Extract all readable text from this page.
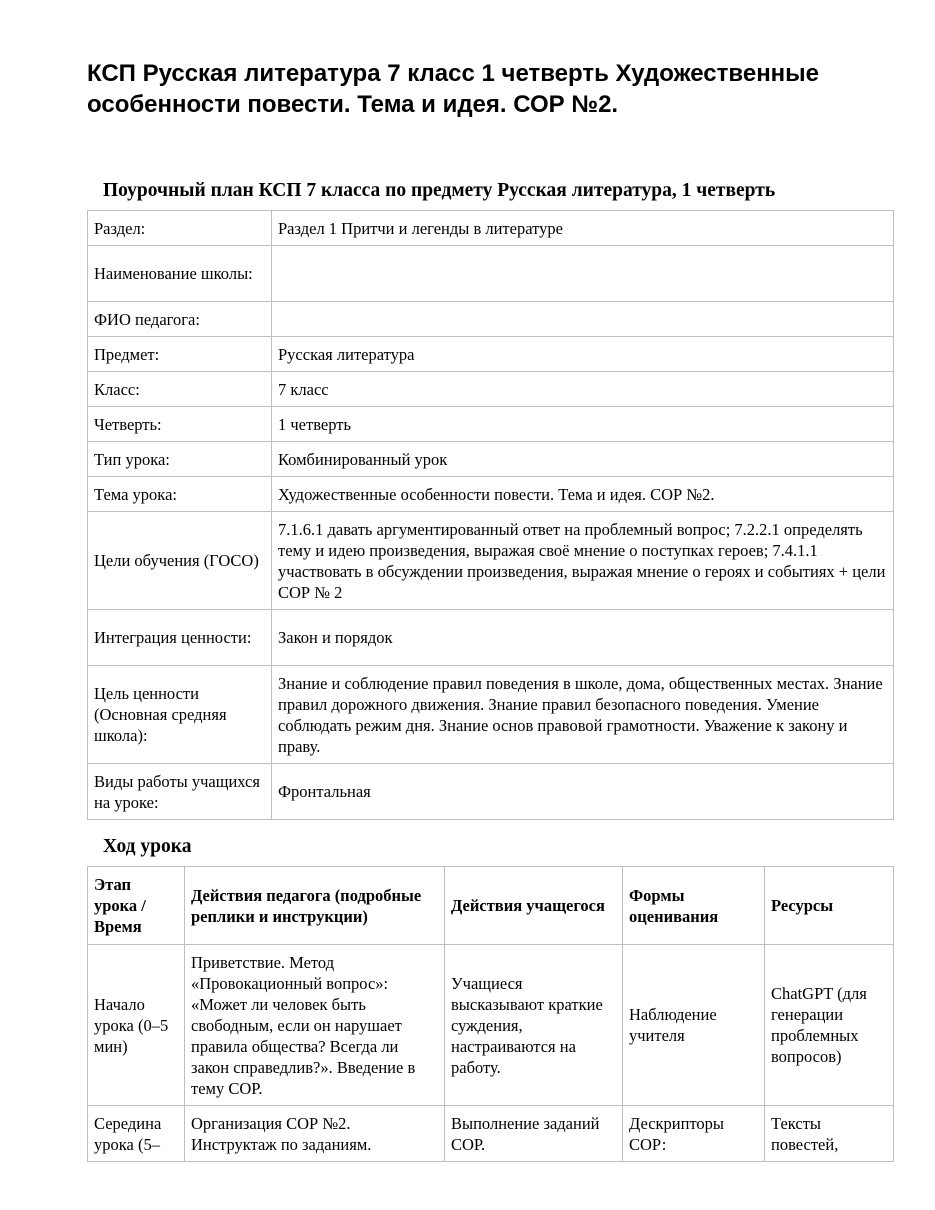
КСП Русская литература 7 класс 1 четверть Художественные особенности повести. Тема и идея. СОР №2.
Поурочный план КСП 7 класса по предмету Русская литература, 1 четверть
Раздел:	Раздел 1 Притчи и легенды в литературе
Наименование школы:	
ФИО педагога:	
Предмет:	Русская литература
Класс:	7 класс
Четверть:	1 четверть
Тип урока:	Комбинированный урок
Тема урока:	Художественные особенности повести. Тема и идея. СОР №2.
Цели обучения (ГОСО)	7.1.6.1 давать аргументированный ответ на проблемный вопрос; 7.2.2.1 определять тему и идею произведения, выражая своё мнение о поступках героев; 7.4.1.1 участвовать в обсуждении произведения, выражая мнение о героях и событиях + цели СОР № 2
Интеграция ценности:	Закон и порядок
Цель ценности (Основная средняя школа):	Знание и соблюдение правил поведения в школе, дома, общественных местах. Знание правил дорожного движения. Знание правил безопасного поведения. Умение соблюдать режим дня. Знание основ правовой грамотности. Уважение к закону и праву.
Виды работы учащихся на уроке:	Фронтальная
Ход урока
Этап урока / Время	Действия педагога (подробные реплики и инструкции)	Действия учащегося	Формы оценивания	Ресурсы
Начало урока (0–5 мин)	Приветствие. Метод «Провокационный вопрос»: «Может ли человек быть свободным, если он нарушает правила общества? Всегда ли закон справедлив?». Введение в тему СОР.	Учащиеся высказывают краткие суждения, настраиваются на работу.	Наблюдение учителя	ChatGPT (для генерации проблемных вопросов)
Середина урока (5–	Организация СОР №2. Инструктаж по заданиям.	Выполнение заданий СОР.	Дескрипторы СОР:	Тексты повестей,
